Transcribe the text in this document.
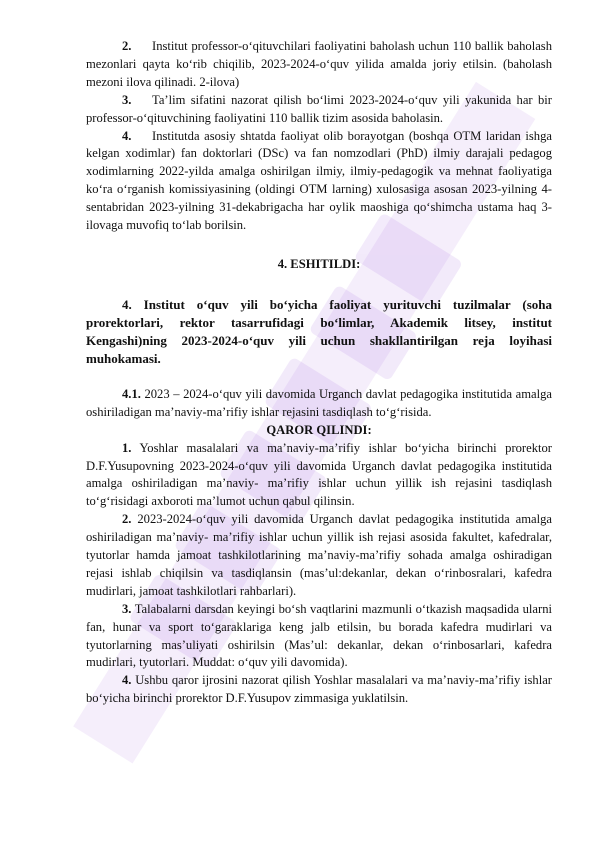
2. Institut professor-o‘qituvchilari faoliyatini baholash uchun 110 ballik baholash mezonlari qayta ko‘rib chiqilib, 2023-2024-o‘quv yilida amalda joriy etilsin. (baholash mezoni ilova qilinadi. 2-ilova)

3. Ta’lim sifatini nazorat qilish bo‘limi 2023-2024-o‘quv yili yakunida har bir professor-o‘qituvchining faoliyatini 110 ballik tizim asosida baholasin.

4. Institutda asosiy shtatda faoliyat olib borayotgan (boshqa OTM laridan ishga kelgan xodimlar) fan doktorlari (DSc) va fan nomzodlari (PhD) ilmiy darajali pedagog xodimlarning 2022-yilda amalga oshirilgan ilmiy, ilmiy-pedagogik va mehnat faoliyatiga ko‘ra o‘rganish komissiyasining (oldingi OTM larning) xulosasiga asosan 2023-yilning 4-sentabridan 2023-yilning 31-dekabrigacha har oylik maoshiga qo‘shimcha ustama haq 3-ilovaga muvofiq to‘lab borilsin.

4. ESHITILDI:

4. Institut o‘quv yili bo‘yicha faoliyat yurituvchi tuzilmalar (soha prorektorlari, rektor tasarrufidagi bo‘limlar, Akademik litsey, institut Kengashi)ning 2023-2024-o‘quv yili uchun shakllantirilgan reja loyihasi muhokamasi.

4.1. 2023 – 2024-o‘quv yili davomida Urganch davlat pedagogika institutida amalga oshiriladigan ma’naviy-ma’rifiy ishlar rejasini tasdiqlash to‘g‘risida.

QAROR QILINDI:

1. Yoshlar masalalari va ma’naviy-ma’rifiy ishlar bo‘yicha birinchi prorektor D.F.Yusupovning 2023-2024-o‘quv yili davomida Urganch davlat pedagogika institutida amalga oshiriladigan ma’naviy- ma’rifiy ishlar uchun yillik ish rejasini tasdiqlash to‘g‘risidagi axboroti ma’lumot uchun qabul qilinsin.

2. 2023-2024-o‘quv yili davomida Urganch davlat pedagogika institutida amalga oshiriladigan ma’naviy- ma’rifiy ishlar uchun yillik ish rejasi asosida fakultet, kafedralar, tyutorlar hamda jamoat tashkilotlarining ma’naviy-ma’rifiy sohada amalga oshiradigan rejasi ishlab chiqilsin va tasdiqlansin (mas’ul:dekanlar, dekan o‘rinbosralari, kafedra mudirlari, jamoat tashkilotlari rahbarlari).

3. Talabalarni darsdan keyingi bo‘sh vaqtlarini mazmunli o‘tkazish maqsadida ularni fan, hunar va sport to‘garaklariga keng jalb etilsin, bu borada kafedra mudirlari va tyutorlarning mas’uliyati oshirilsin (Mas’ul: dekanlar, dekan o‘rinbosarlari, kafedra mudirlari, tyutorlari. Muddat: o‘quv yili davomida).

4. Ushbu qaror ijrosini nazorat qilish Yoshlar masalalari va ma’naviy-ma’rifiy ishlar bo‘yicha birinchi prorektor D.F.Yusupov zimmasiga yuklatilsin.
